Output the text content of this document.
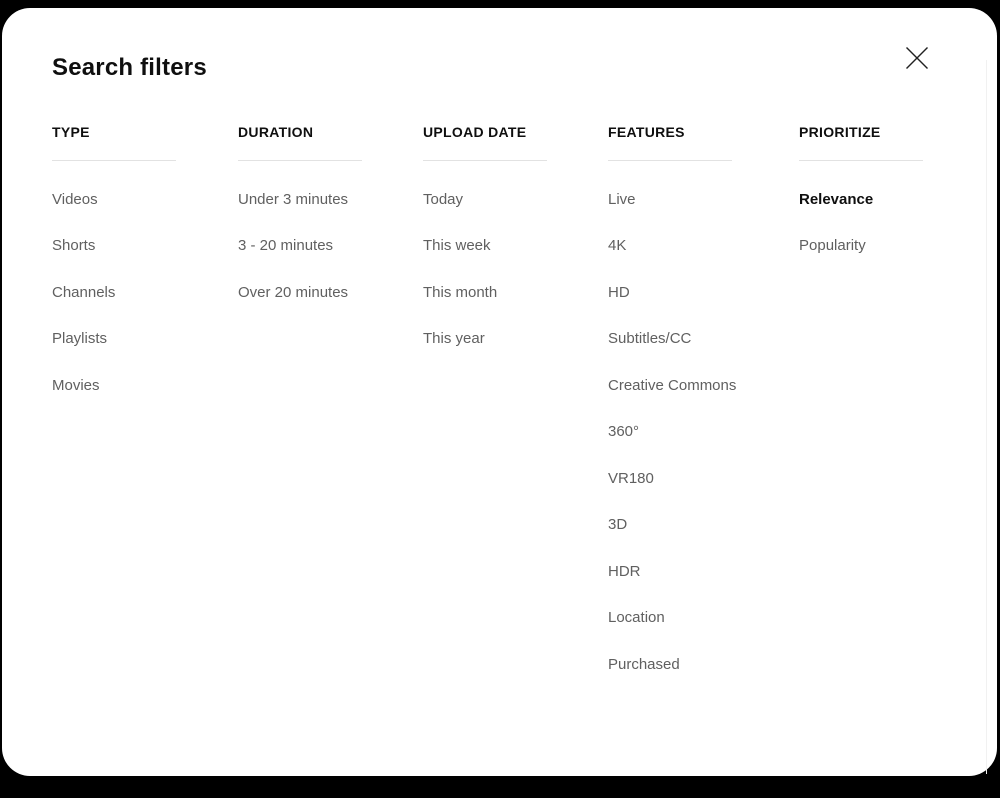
Search filters
TYPE
Videos
Shorts
Channels
Playlists
Movies
DURATION
Under 3 minutes
3 - 20 minutes
Over 20 minutes
UPLOAD DATE
Today
This week
This month
This year
FEATURES
Live
4K
HD
Subtitles/CC
Creative Commons
360°
VR180
3D
HDR
Location
Purchased
PRIORITIZE
Relevance
Popularity
